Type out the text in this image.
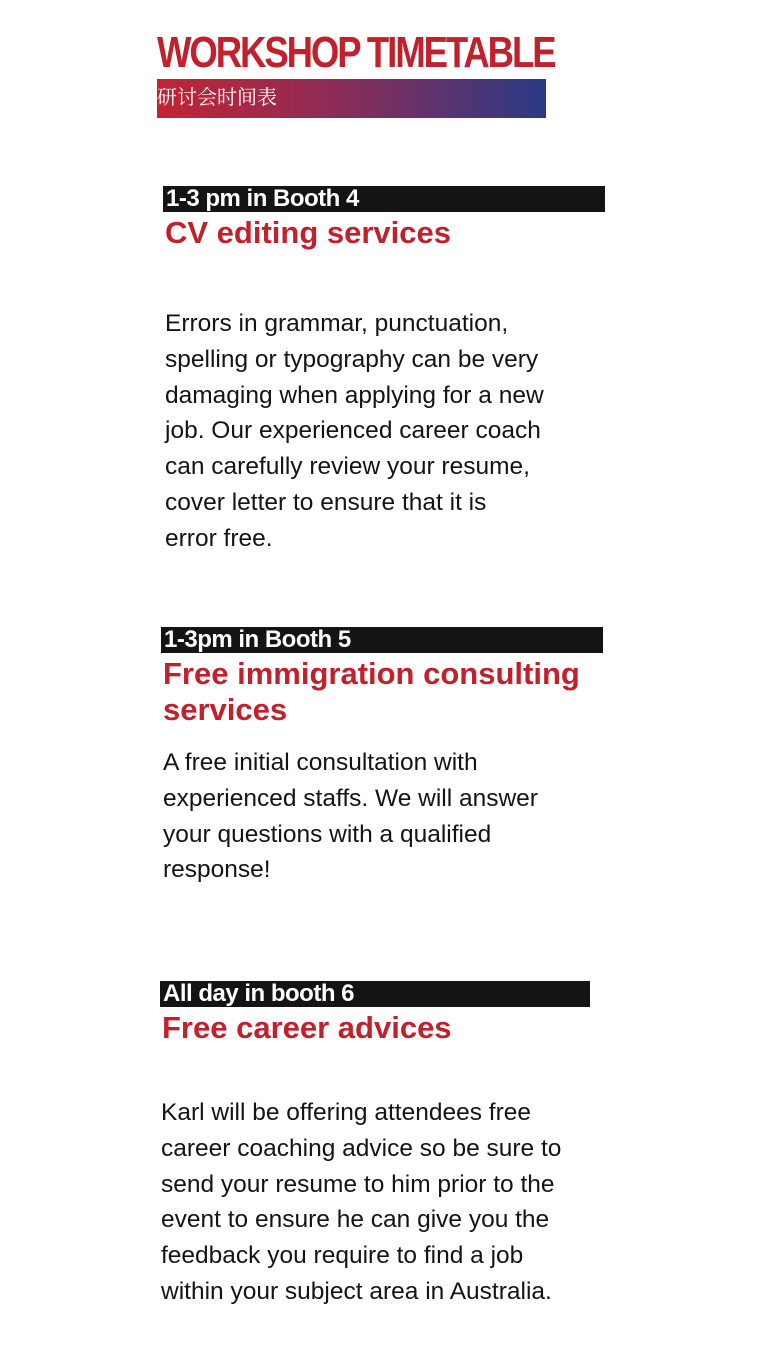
WORKSHOP TIMETABLE
研讨会时间表
1-3 pm in Booth 4
CV editing services

Errors in grammar, punctuation,
spelling or typography can be very
damaging when applying for a new
job. Our experienced career coach
can carefully review your resume,
cover letter to ensure that it is
error free.

1-3pm in Booth 5
Free immigration consulting
services

A free initial consultation with
experienced staffs. We will answer
your questions with a qualified
response!

All day in booth 6
Free career advices

Karl will be offering attendees free
career coaching advice so be sure to
send your resume to him prior to the
event to ensure he can give you the
feedback you require to find a job
within your subject area in Australia.
